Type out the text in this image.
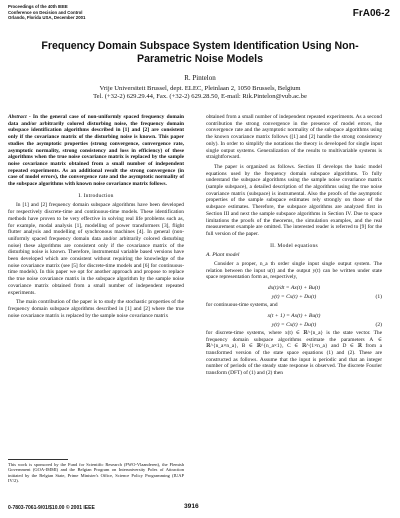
Proceedings of the 40th IEEE
Conference on Decision and Control
Orlando, Florida USA, December 2001	FrA06-2
Frequency Domain Subspace System Identification Using Non-Parametric Noise Models
R. Pintelon
Vrije Universiteit Brussel, dept. ELEC, Pleinlaan 2, 1050 Brussels, Belgium
Tel. (+32-2) 629.29.44, Fax. (+32-2) 629.28.50, E-mail: Rik.Pintelon@vub.ac.be

Abstract - In the general case of non-uniformly spaced frequency domain data and/or arbitrarily colored disturbing noise, the frequency domain subspace identification algorithms described in [1] and [2] are consistent only if the covariance matrix of the disturbing noise is known. This paper studies the asymptotic properties (strong convergence, convergence rate, asymptotic normality, strong consistency and loss in efficiency) of these algorithms when the true noise covariance matrix is replaced by the sample noise covariance matrix obtained from a small number of independent repeated experiments. As an additional result the strong convergence (in case of model errors), the convergence rate and the asymptotic normality of the subspace algorithms with known noise covariance matrix follows.

I. Introduction

In [1] and [2] frequency domain subspace algorithms have been developed for respectively discrete-time and continuous-time models. These identification methods have proven to be very effective in solving real life problems such as, for example, modal analysis [1], modelling of power transformers [3], flight flutter analysis and modelling of synchronous machines [4]. In general (non-uniformly spaced frequency domain data and/or arbitrarily colored disturbing noise) these algorithms are consistent only if the covariance matrix of the disturbing noise is known. Therefore, instrumental variable based versions have been developed which are consistent without requiring the knowledge of the noise covariance matrix (see [5] for discrete-time models and [6] for continuous-time models). In this paper we opt for another approach and propose to replace the true noise covariance matrix in the subspace algorithm by the sample noise covariance matrix obtained from a small number of independent repeated experiments.

The main contribution of the paper is to study the stochastic properties of the frequency domain subspace algorithms described in [1] and [2] where the true noise covariance matrix is replaced by the sample noise covariance matrix

obtained from a small number of independent repeated experiments. As a second contribution the strong convergence in the presence of model errors, the convergence rate and the asymptotic normality of the subspace algorithms using the known covariance matrix follows ([1] and [2] handle the strong consistency only). In order to simplify the notations the theory is developed for single input single output systems. Generalization of the results to multivariable systems is straightforward.

The paper is organized as follows. Section II develops the basic model equations used by the frequency domain subspace algorithms. To fully understand the subspace algorithms using the sample noise covariance matrix (sample subspace), a detailed description of the algorithms using the true noise covariance matrix (subspace) is instrumental. Also the proofs of the asymptotic properties of the sample subspace estimates rely strongly on those of the subspace estimates. Therefore, the subspace algorithms are analyzed first in Section III and next the sample subspace algorithms in Section IV. Due to space limitations the proofs of the theorems, the simulation examples, and the real measurement example are omitted. The interested reader is referred to [9] for the full version of the paper.

II. Model equations
A. Plant model

Consider a proper, n_a th order single input single output system. The relation between the input u(t) and the output y(t) can be written under state space representation form as, respectively,

dx(t)/dt = Ax(t) + Bu(t)
y(t) = Cx(t) + Du(t)	(1)

for continuous-time systems, and

x(t + 1) = Ax(t) + Bu(t)
y(t) = Cx(t) + Du(t)	(2)

for discrete-time systems, where x(t) ∈ ℝ^{n_a} is the state vector. The frequency domain subspace algorithms estimate the parameters A ∈ ℝ^{n_a×n_a}, B ∈ ℝ^{n_a×1}, C ∈ ℝ^{1×n_a} and D ∈ ℝ from a transformed version of the state space equations (1) and (2). These are constructed as follows. Assume that the input is periodic and that an integer number of periods of the steady state response is observed. The discrete Fourier transform (DFT) of (1) and (2) then

This work is sponsored by the Fund for Scientific Research (FWO-Vlaanderen), the Flemish Government (GOA-IMMI) and the Belgian Program on Interuniversity Poles of Attraction initiated by the Belgian State, Prime Minister's Office, Science Policy Programming (IUAP IV/2).
0-7803-7061-9/01/$10.00 © 2001 IEEE	3916
